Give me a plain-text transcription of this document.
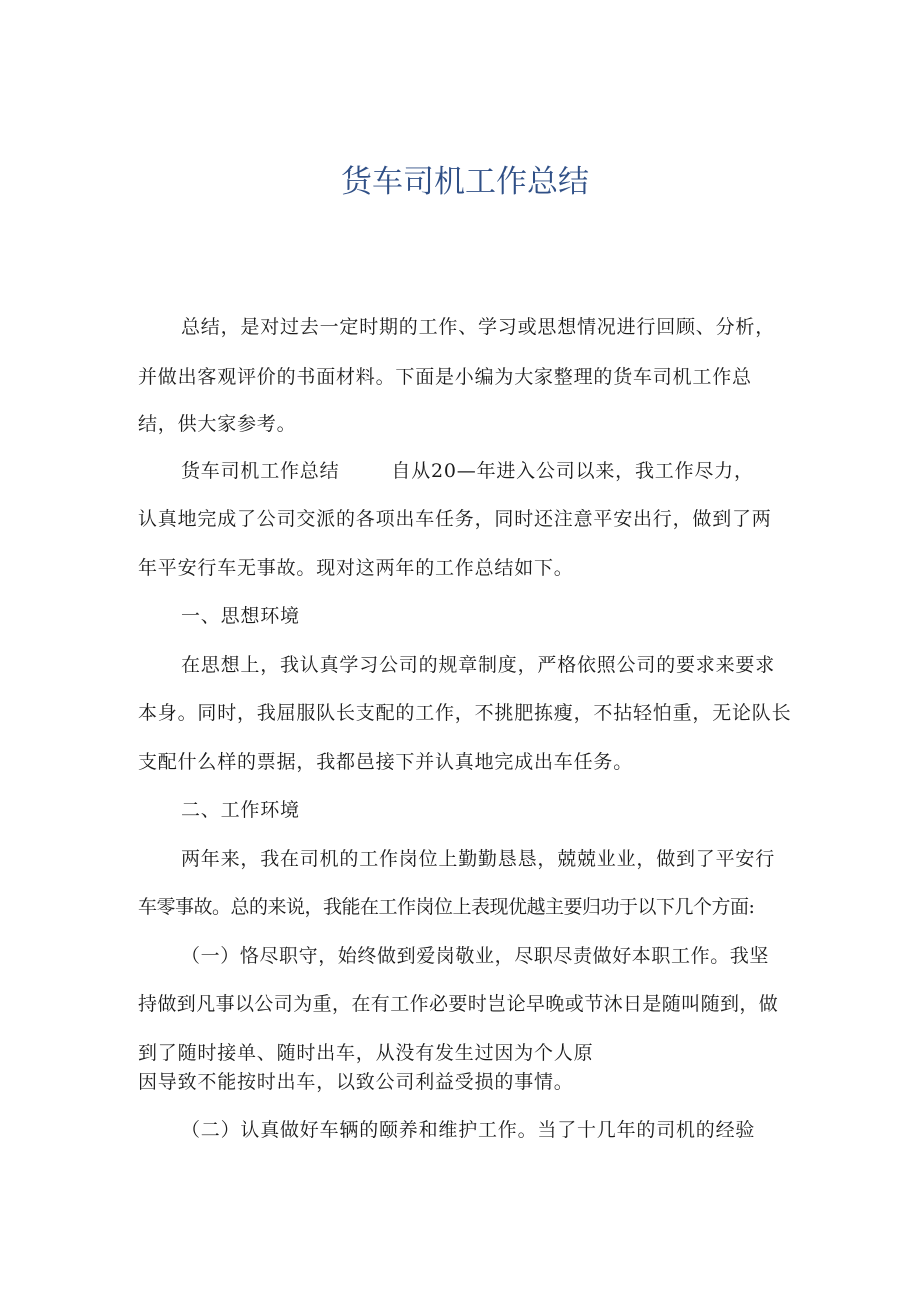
货车司机工作总结
总结，是对过去一定时期的工作、学习或思想情况进行回顾、分析，
并做出客观评价的书面材料。下面是小编为大家整理的货车司机工作总
结，供大家参考。
货车司机工作总结	自从20—年进入公司以来，我工作尽力，
认真地完成了公司交派的各项出车任务，同时还注意平安出行，做到了两
年平安行车无事故。现对这两年的工作总结如下。
一、思想环境
在思想上，我认真学习公司的规章制度，严格依照公司的要求来要求
本身。同时，我屈服队长支配的工作，不挑肥拣瘦，不拈轻怕重，无论队长
支配什么样的票据，我都邑接下并认真地完成出车任务。
二、工作环境
两年来，我在司机的工作岗位上勤勤恳恳，兢兢业业，做到了平安行
车零事故。总的来说，我能在工作岗位上表现优越主要归功于以下几个方面:
（一）恪尽职守，始终做到爱岗敬业，尽职尽责做好本职工作。我坚
持做到凡事以公司为重，在有工作必要时岂论早晚或节沐日是随叫随到，做
到了随时接单、随时出车，从没有发生过因为个人原
因导致不能按时出车，以致公司利益受损的事情。
（二）认真做好车辆的颐养和维护工作。当了十几年的司机的经验
